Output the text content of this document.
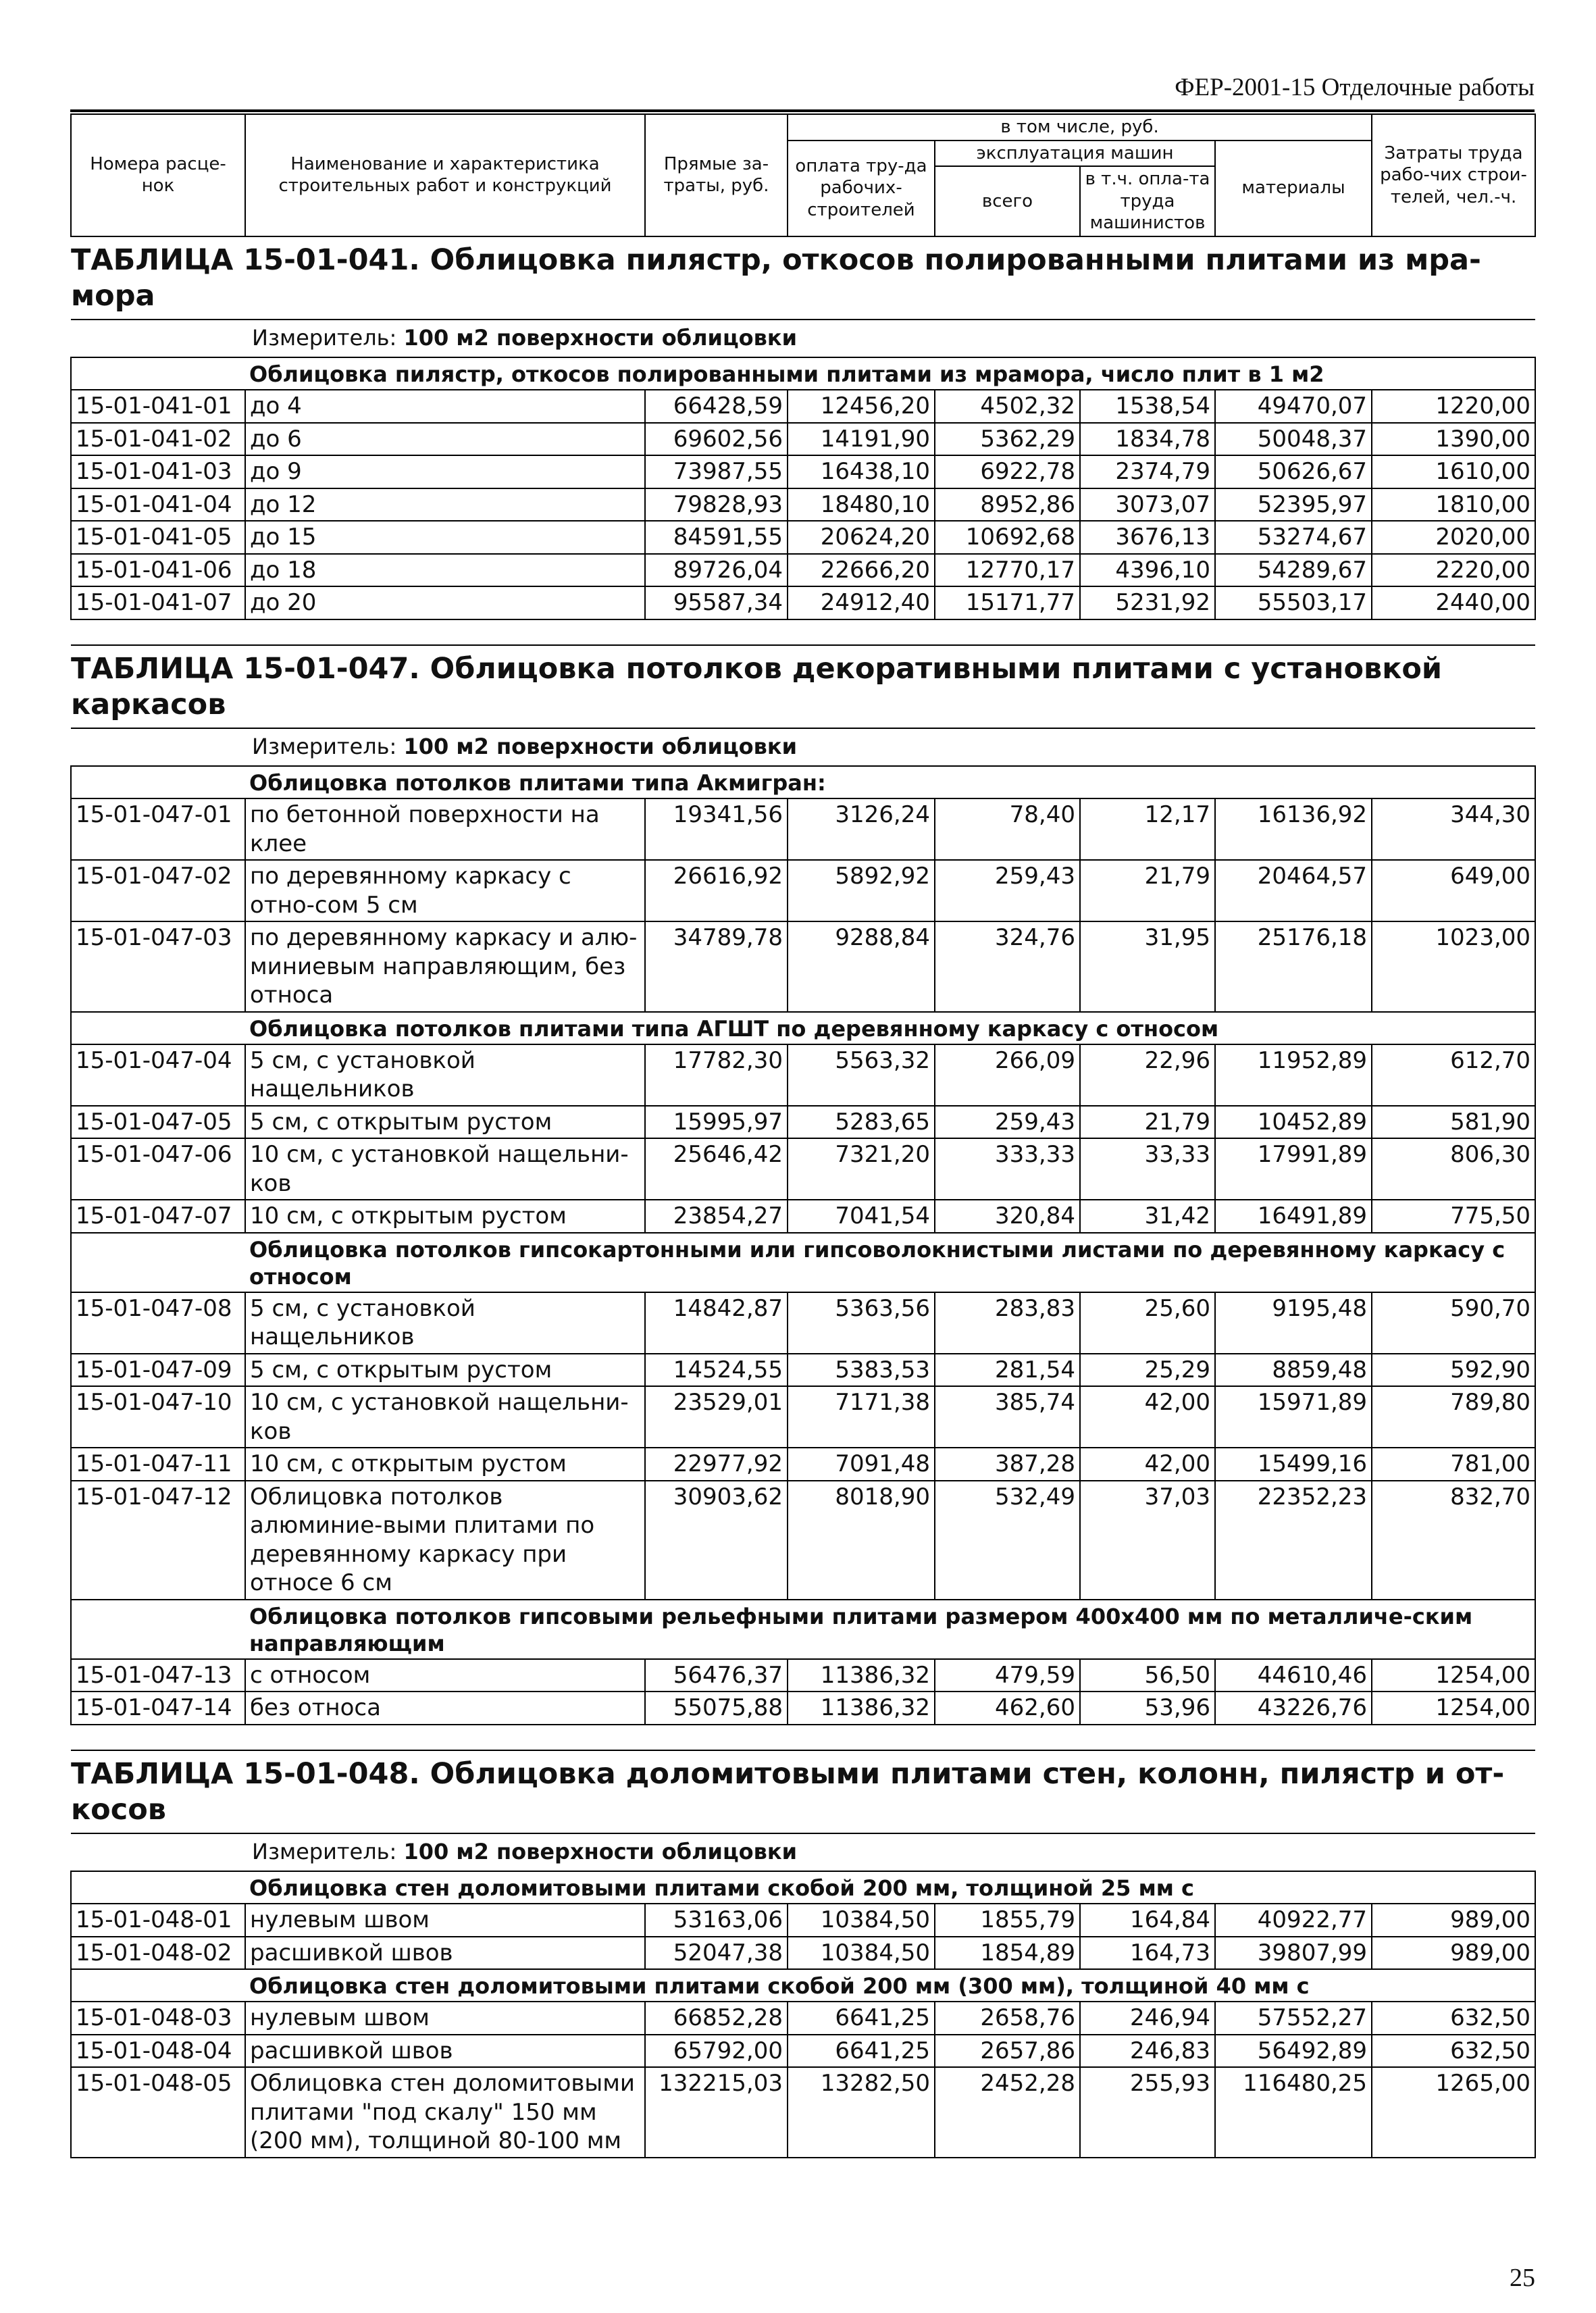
ФЕР-2001-15 Отделочные работы
Номера расце-нок	Наименование и характеристика строительных работ и конструкций	Прямые за-траты, руб.	в том числе, руб.				Затраты труда рабо-чих строи-телей, чел.-ч.
			оплата тру-да рабочих-строителей	эксплуатация машин		материалы	
				всего	в т.ч. опла-та труда машинистов		
ТАБЛИЦА 15-01-041. Облицовка пилястр, откосов полированными плитами из мра-мора							

Измеритель: 100 м2 поверхности облицовки							

	Облицовка пилястр, откосов полированными плитами из мрамора, число плит в 1 м2						
15-01-041-01	до 4	66428,59	12456,20	4502,32	1538,54	49470,07	1220,00
15-01-041-02	до 6	69602,56	14191,90	5362,29	1834,78	50048,37	1390,00
15-01-041-03	до 9	73987,55	16438,10	6922,78	2374,79	50626,67	1610,00
15-01-041-04	до 12	79828,93	18480,10	8952,86	3073,07	52395,97	1810,00
15-01-041-05	до 15	84591,55	20624,20	10692,68	3676,13	53274,67	2020,00
15-01-041-06	до 18	89726,04	22666,20	12770,17	4396,10	54289,67	2220,00
15-01-041-07	до 20	95587,34	24912,40	15171,77	5231,92	55503,17	2440,00

ТАБЛИЦА 15-01-047. Облицовка потолков декоративными плитами с установкой каркасов							

Измеритель: 100 м2 поверхности облицовки							

	Облицовка потолков плитами типа Акмигран:						
15-01-047-01	по бетонной поверхности на клее	19341,56	3126,24	78,40	12,17	16136,92	344,30
15-01-047-02	по деревянному каркасу с отно-сом 5 см	26616,92	5892,92	259,43	21,79	20464,57	649,00
15-01-047-03	по деревянному каркасу и алю-миниевым направляющим, без относа	34789,78	9288,84	324,76	31,95	25176,18	1023,00
	Облицовка потолков плитами типа АГШТ по деревянному каркасу с относом						
15-01-047-04	5 см, с установкой нащельников	17782,30	5563,32	266,09	22,96	11952,89	612,70
15-01-047-05	5 см, с открытым рустом	15995,97	5283,65	259,43	21,79	10452,89	581,90
15-01-047-06	10 см, с установкой нащельни-ков	25646,42	7321,20	333,33	33,33	17991,89	806,30
15-01-047-07	10 см, с открытым рустом	23854,27	7041,54	320,84	31,42	16491,89	775,50
	Облицовка потолков гипсокартонными или гипсоволокнистыми листами по деревянному каркасу с относом						
15-01-047-08	5 см, с установкой нащельников	14842,87	5363,56	283,83	25,60	9195,48	590,70
15-01-047-09	5 см, с открытым рустом	14524,55	5383,53	281,54	25,29	8859,48	592,90
15-01-047-10	10 см, с установкой нащельни-ков	23529,01	7171,38	385,74	42,00	15971,89	789,80
15-01-047-11	10 см, с открытым рустом	22977,92	7091,48	387,28	42,00	15499,16	781,00
15-01-047-12	Облицовка потолков алюминие-выми плитами по деревянному каркасу при относе 6 см	30903,62	8018,90	532,49	37,03	22352,23	832,70
	Облицовка потолков гипсовыми рельефными плитами размером 400х400 мм по металличе-ским направляющим						
15-01-047-13	с относом	56476,37	11386,32	479,59	56,50	44610,46	1254,00
15-01-047-14	без относа	55075,88	11386,32	462,60	53,96	43226,76	1254,00

ТАБЛИЦА 15-01-048. Облицовка доломитовыми плитами стен, колонн, пилястр и от-косов							

Измеритель: 100 м2 поверхности облицовки							

	Облицовка стен доломитовыми плитами скобой 200 мм, толщиной 25 мм с						
15-01-048-01	нулевым швом	53163,06	10384,50	1855,79	164,84	40922,77	989,00
15-01-048-02	расшивкой швов	52047,38	10384,50	1854,89	164,73	39807,99	989,00
	Облицовка стен доломитовыми плитами скобой 200 мм (300 мм), толщиной 40 мм с						
15-01-048-03	нулевым швом	66852,28	6641,25	2658,76	246,94	57552,27	632,50
15-01-048-04	расшивкой швов	65792,00	6641,25	2657,86	246,83	56492,89	632,50
15-01-048-05	Облицовка стен доломитовыми плитами "под скалу" 150 мм (200 мм), толщиной 80-100 мм	132215,03	13282,50	2452,28	255,93	116480,25	1265,00
25
